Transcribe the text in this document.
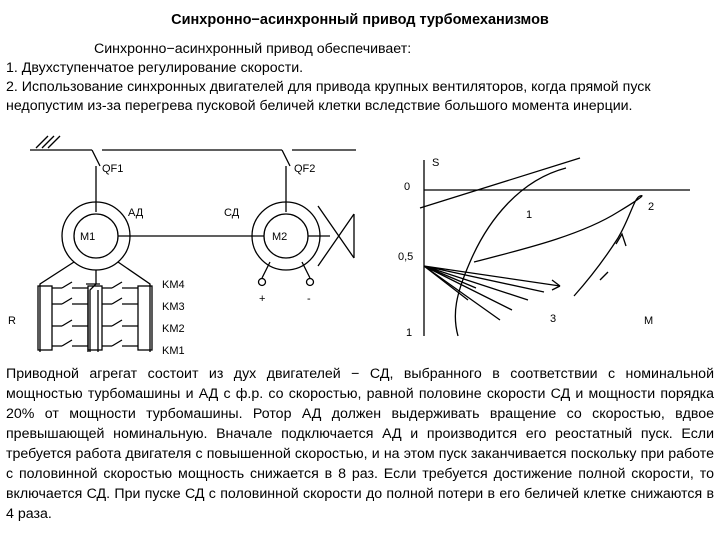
Синхронно−асинхронный привод турбомеханизмов
Синхронно−асинхронный привод обеспечивает:
1. Двухступенчатое регулирование скорости.
2. Использование синхронных двигателей для привода крупных вентиляторов, когда прямой пуск недопустим из-за перегрева пусковой беличей клетки вследствие большого момента инерции.
QF1	QF2
АД	СД
M1	M2
KM4
KM3
KM2
KM1
R
+	-
S
0
0,5
1
1
2
3	M
Приводной агрегат состоит из дух двигателей − СД, выбранного в соответствии с номинальной мощностью турбомашины и АД с ф.р. со скоростью, равной половине скорости СД и мощности порядка 20% от мощности турбомашины. Ротор АД должен выдерживать вращение со скоростью, вдвое превышающей номинальную. Вначале подключается АД и производится его реостатный пуск. Если требуется работа двигателя с повышенной скоростью, и на этом пуск заканчивается поскольку при работе с половинной скоростью мощность снижается в 8 раз. Если требуется достижение полной скорости, то включается СД. При пуске СД с половинной скорости до полной потери в его беличей клетке снижаются в 4 раза.
